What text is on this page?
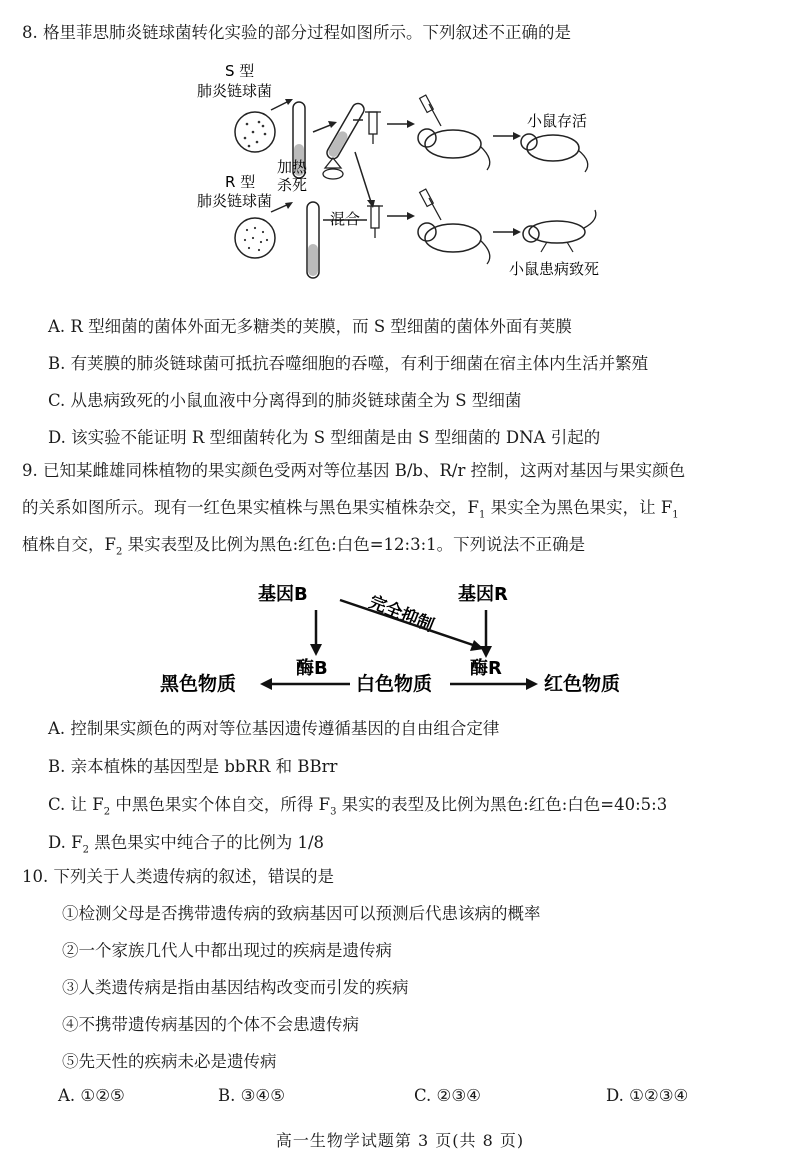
8. 格里菲思肺炎链球菌转化实验的部分过程如图所示。下列叙述不正确的是
S 型
肺炎链球菌
加热
杀死
小鼠存活
R 型
肺炎链球菌
混合
小鼠患病致死
A. R 型细菌的菌体外面无多糖类的荚膜，而 S 型细菌的菌体外面有荚膜
B. 有荚膜的肺炎链球菌可抵抗吞噬细胞的吞噬，有利于细菌在宿主体内生活并繁殖
C. 从患病致死的小鼠血液中分离得到的肺炎链球菌全为 S 型细菌
D. 该实验不能证明 R 型细菌转化为 S 型细菌是由 S 型细菌的 DNA 引起的
9. 已知某雌雄同株植物的果实颜色受两对等位基因 B/b、R/r 控制，这两对基因与果实颜色
的关系如图所示。现有一红色果实植株与黑色果实植株杂交，$F_1$ 果实全为黑色果实，让 $F_1$
植株自交，$F_2$ 果实表型及比例为黑色:红色:白色=12:3:1。下列说法不正确是
基因B	基因R
完全抑制
酶B	酶R
黑色物质	白色物质	红色物质
A. 控制果实颜色的两对等位基因遗传遵循基因的自由组合定律
B. 亲本植株的基因型是 bbRR 和 BBrr
C. 让 $F_2$ 中黑色果实个体自交，所得 $F_3$ 果实的表型及比例为黑色:红色:白色=40:5:3
D. $F_2$ 黑色果实中纯合子的比例为 1/8
10. 下列关于人类遗传病的叙述，错误的是
①检测父母是否携带遗传病的致病基因可以预测后代患该病的概率
②一个家族几代人中都出现过的疾病是遗传病
③人类遗传病是指由基因结构改变而引发的疾病
④不携带遗传病基因的个体不会患遗传病
⑤先天性的疾病未必是遗传病
A. ①②⑤	B. ③④⑤	C. ②③④	D. ①②③④
高一生物学试题第 3 页(共 8 页)
